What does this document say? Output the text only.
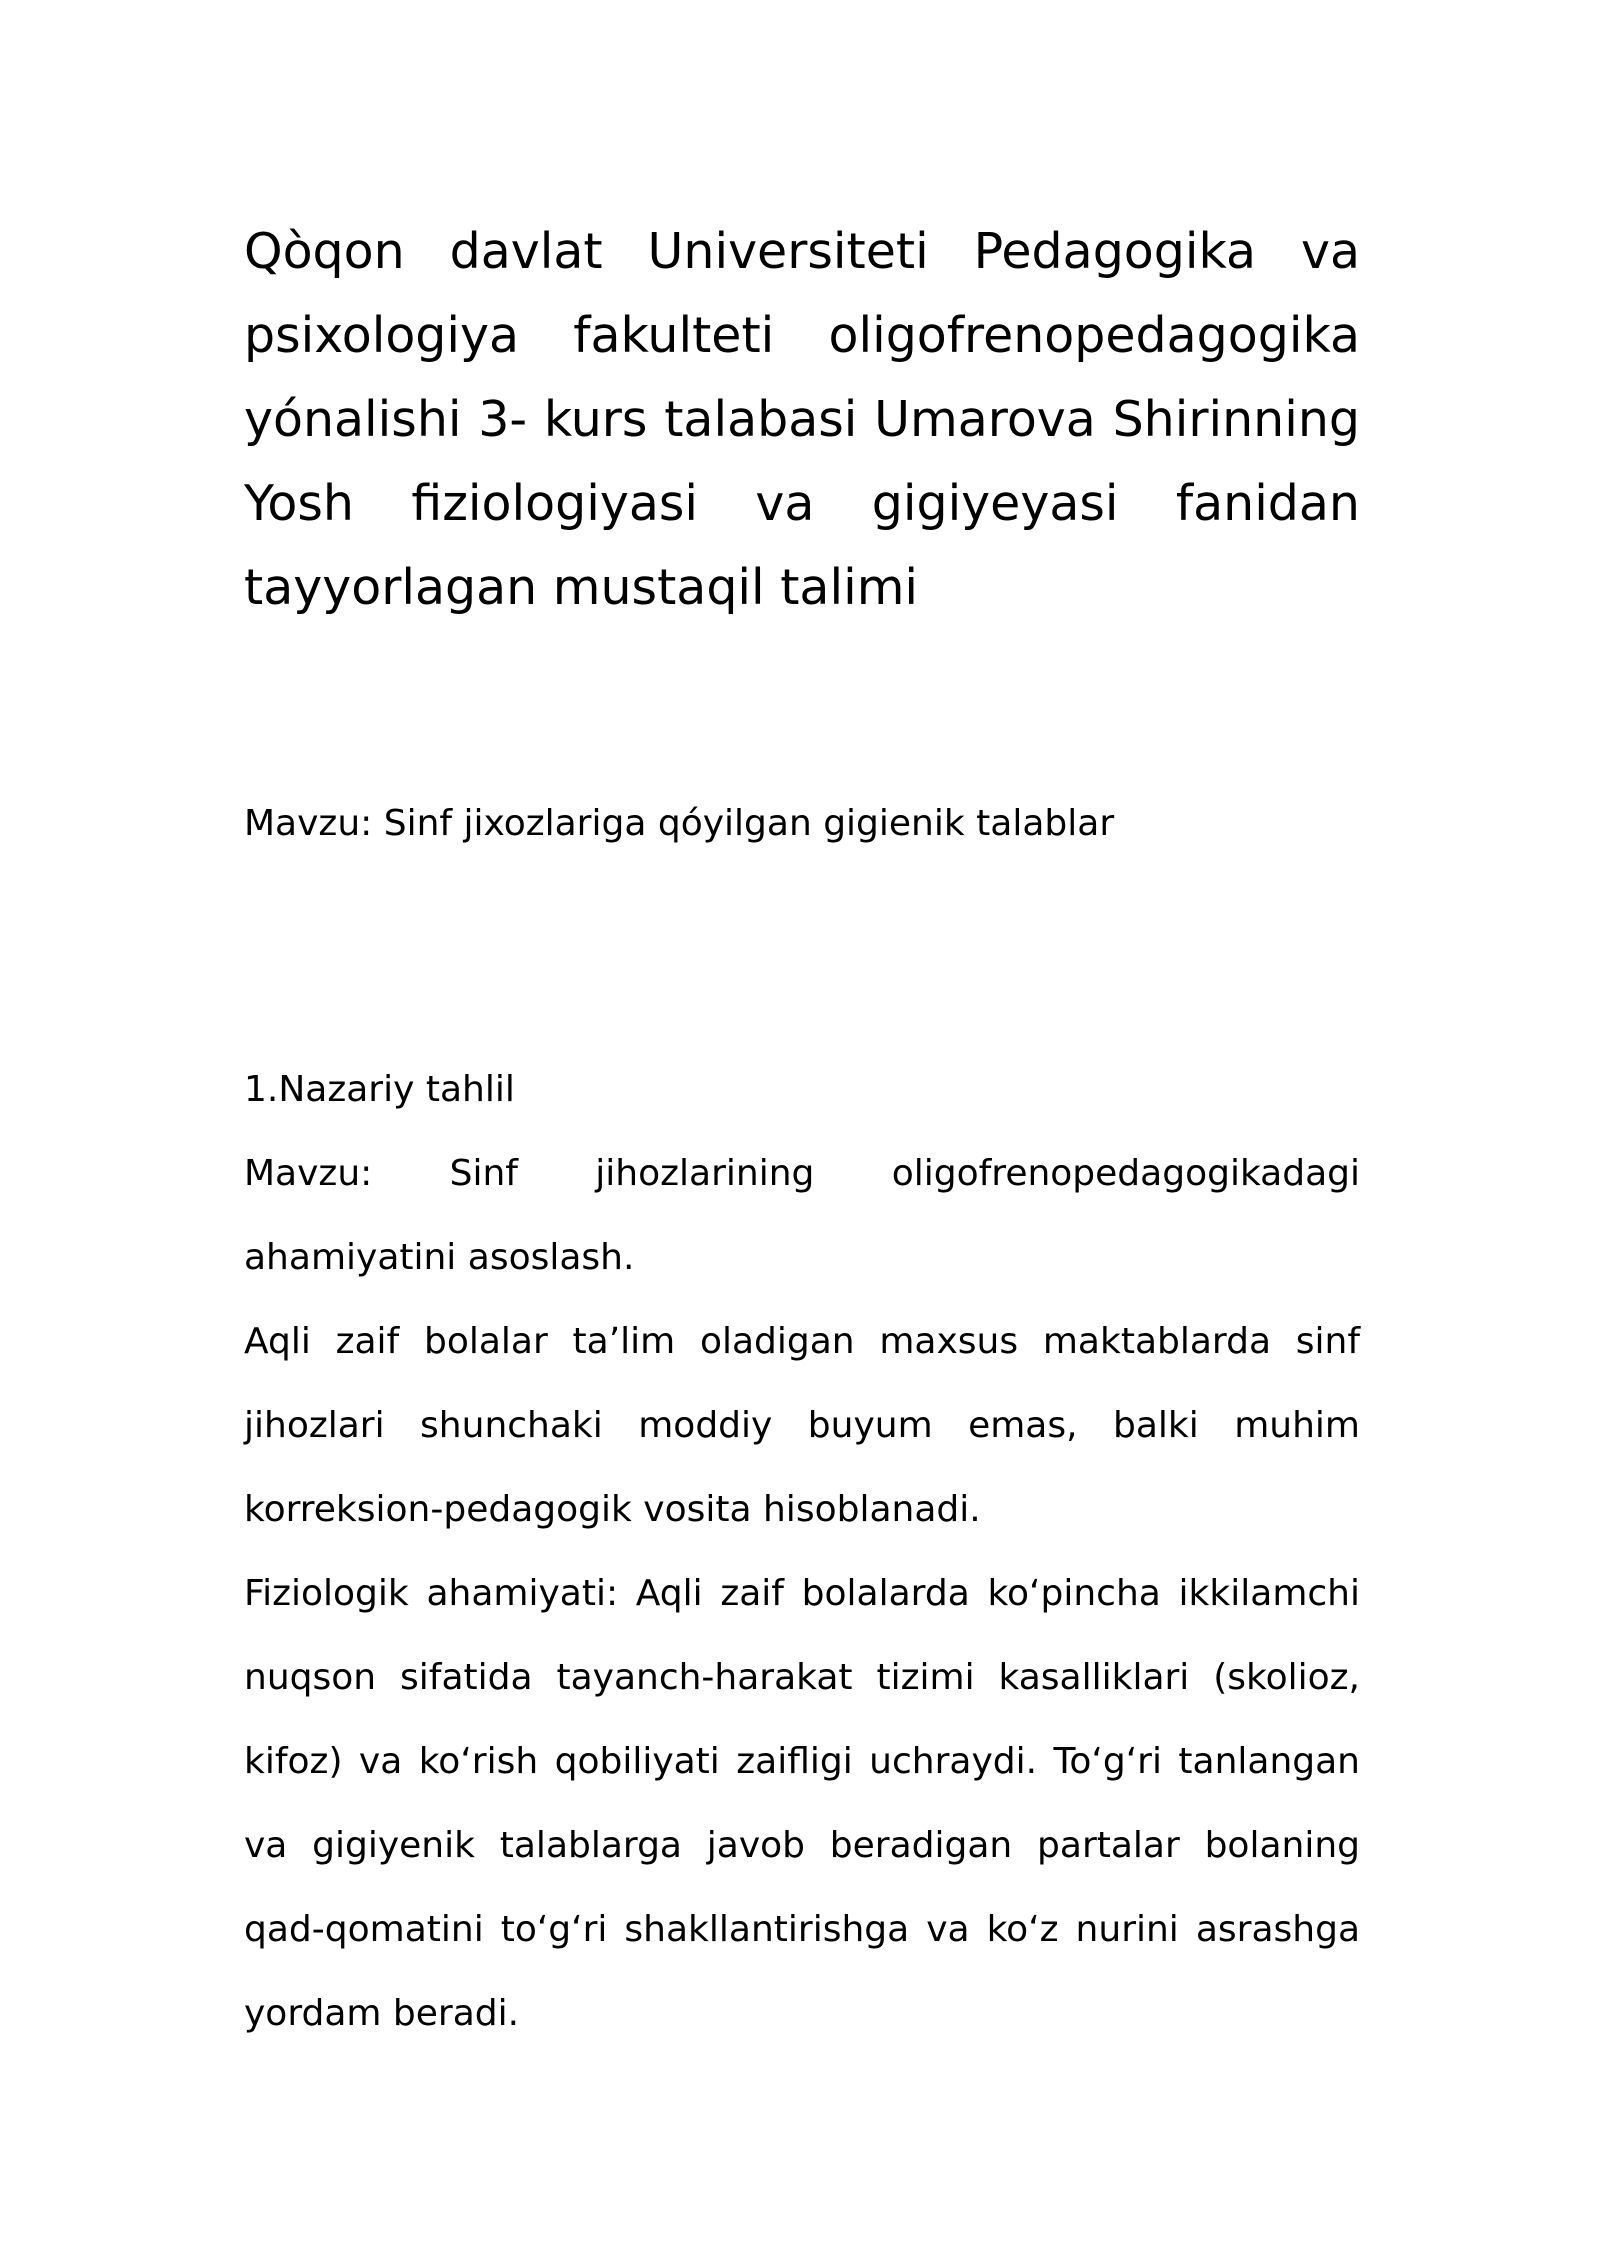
Qòqon davlat Universiteti Pedagogika va psixologiya fakulteti oligofrenopedagogika yónalishi 3- kurs talabasi Umarova Shirinning Yosh fiziologiyasi va gigiyeyasi fanidan tayyorlagan mustaqil talimi

Mavzu: Sinf jixozlariga qóyilgan gigienik talablar

1.Nazariy tahlil

Mavzu: Sinf jihozlarining oligofrenopedagogikadagi ahamiyatini asoslash.

Aqli zaif bolalar ta’lim oladigan maxsus maktablarda sinf jihozlari shunchaki moddiy buyum emas, balki muhim korreksion-pedagogik vosita hisoblanadi.

Fiziologik ahamiyati: Aqli zaif bolalarda ko‘pincha ikkilamchi nuqson sifatida tayanch-harakat tizimi kasalliklari (skolioz, kifoz) va ko‘rish qobiliyati zaifligi uchraydi. To‘g‘ri tanlangan va gigiyenik talablarga javob beradigan partalar bolaning qad-qomatini to‘g‘ri shakllantirishga va ko‘z nurini asrashga yordam beradi.
